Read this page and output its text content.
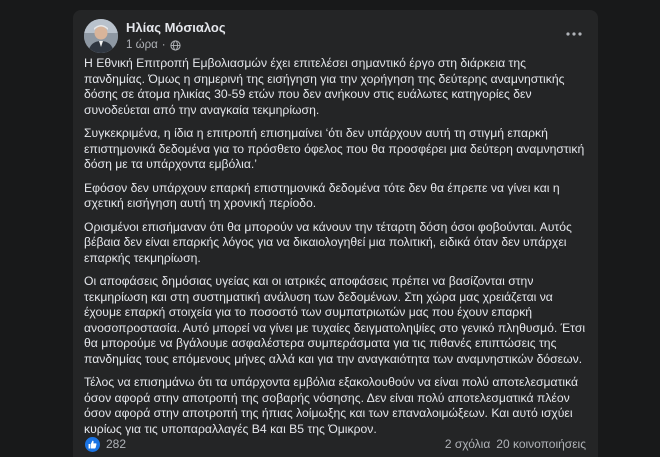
Ηλίας Μόσιαλος
1 ώρα ·

Η Εθνική Επιτροπή Εμβολιασμών έχει επιτελέσει σημαντικό έργο στη διάρκεια της πανδημίας. Όμως η σημερινή της εισήγηση για την χορήγηση της δεύτερης αναμνηστικής δόσης σε άτομα ηλικίας 30-59 ετών που δεν ανήκουν στις ευάλωτες κατηγορίες δεν συνοδεύεται από την αναγκαία τεκμηρίωση.

Συγκεκριμένα, η ίδια η επιτροπή επισημαίνει ‘ότι δεν υπάρχουν αυτή τη στιγμή επαρκή επιστημονικά δεδομένα για το πρόσθετο όφελος που θα προσφέρει μια δεύτερη αναμνηστική δόση με τα υπάρχοντα εμβόλια.’

Εφόσον δεν υπάρχουν επαρκή επιστημονικά δεδομένα τότε δεν θα έπρεπε να γίνει και η σχετική εισήγηση αυτή τη χρονική περίοδο.

Ορισμένοι επισήμαναν ότι θα μπορούν να κάνουν την τέταρτη δόση όσοι φοβούνται. Αυτός βέβαια δεν είναι επαρκής λόγος για να δικαιολογηθεί μια πολιτική, ειδικά όταν δεν υπάρχει επαρκής τεκμηρίωση.

Οι αποφάσεις δημόσιας υγείας και οι ιατρικές αποφάσεις πρέπει να βασίζονται στην τεκμηρίωση και στη συστηματική ανάλυση των δεδομένων. Στη χώρα μας χρειάζεται να έχουμε επαρκή στοιχεία για το ποσοστό των συμπατριωτών μας που έχουν επαρκή ανοσοπροστασία. Αυτό μπορεί να γίνει με τυχαίες δειγματοληψίες στο γενικό πληθυσμό. Έτσι θα μπορούμε να βγάλουμε ασφαλέστερα συμπεράσματα για τις πιθανές επιπτώσεις της πανδημίας τους επόμενους μήνες αλλά και για την αναγκαιότητα των αναμνηστικών δόσεων.

Τέλος να επισημάνω ότι τα υπάρχοντα εμβόλια εξακολουθούν να είναι πολύ αποτελεσματικά όσον αφορά στην αποτροπή της σοβαρής νόσησης. Δεν είναι πολύ αποτελεσματικά πλέον όσον αφορά στην αποτροπή της ήπιας λοίμωξης και των επαναλοιμώξεων. Και αυτό ισχύει κυρίως για τις υποπαραλλαγές Β4 και Β5 της Όμικρον.

282	2 σχόλια 20 κοινοποιήσεις
